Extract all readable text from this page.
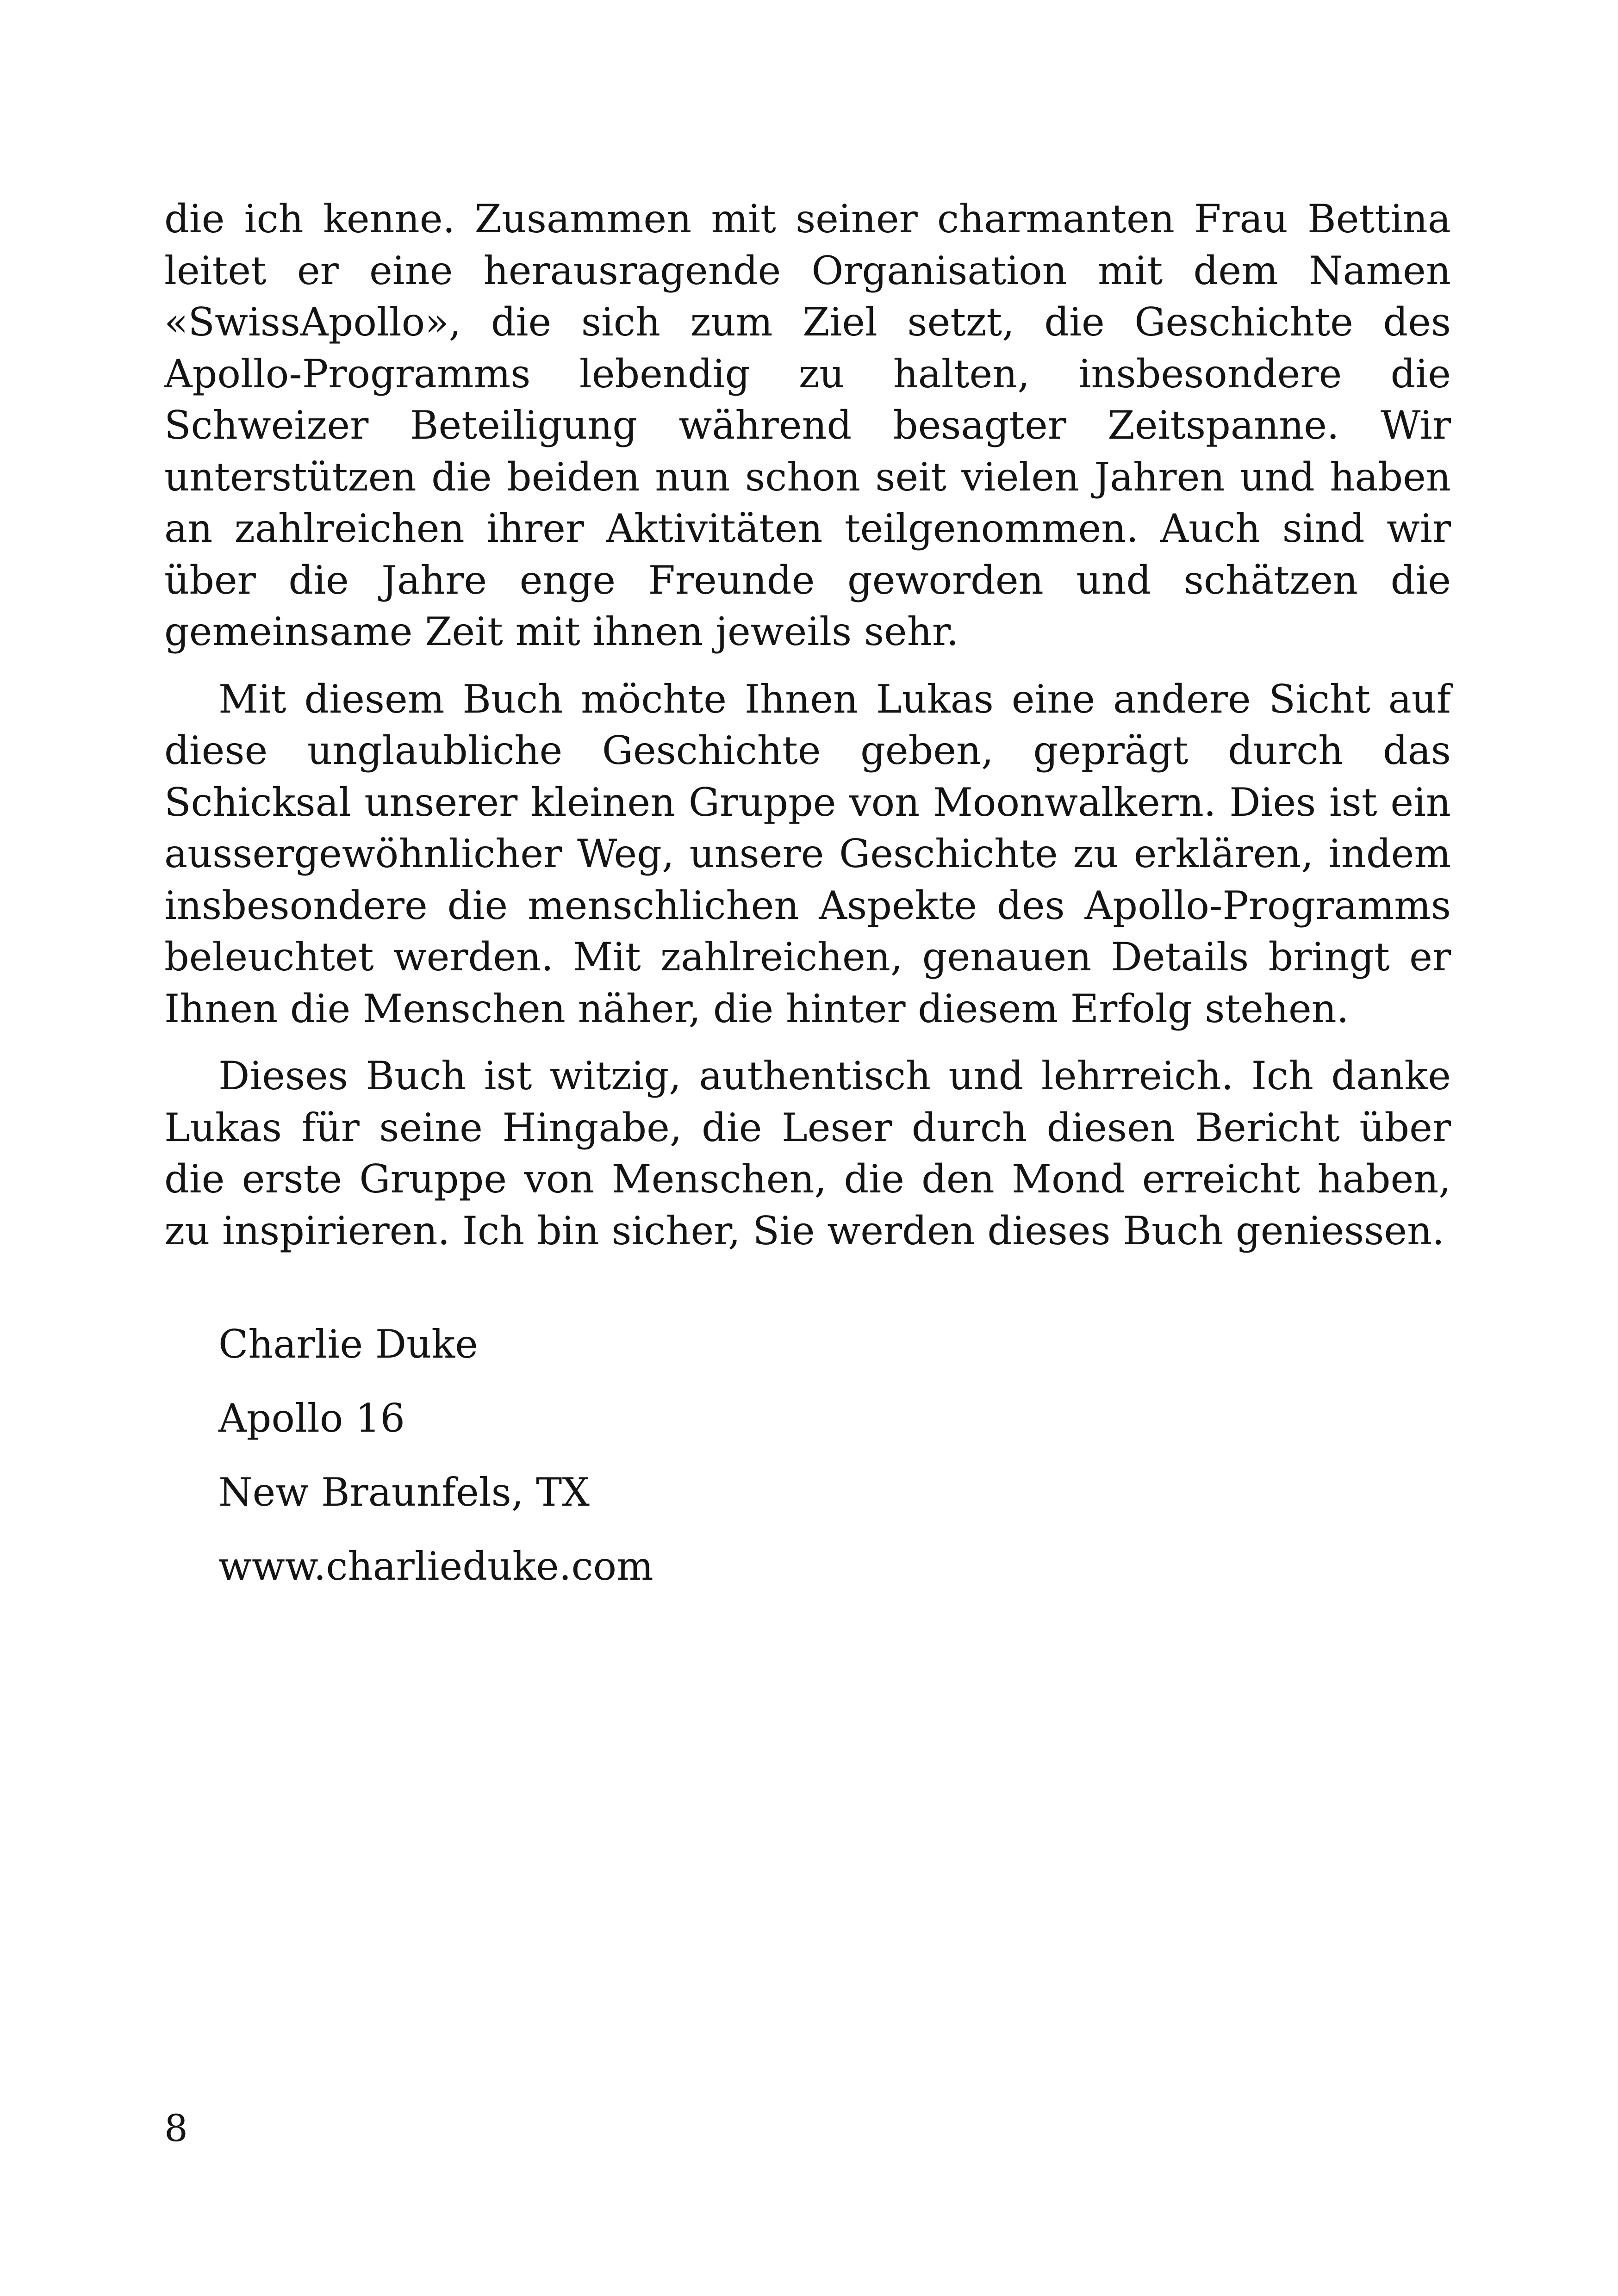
die ich kenne. Zusammen mit seiner charmanten Frau Bettina leitet er eine herausragende Organisation mit dem Namen «SwissApollo», die sich zum Ziel setzt, die Geschichte des Apollo-Programms lebendig zu halten, insbesondere die Schweizer Beteiligung während besagter Zeitspanne. Wir unterstützen die beiden nun schon seit vielen Jahren und haben an zahlreichen ihrer Aktivitäten teilgenommen. Auch sind wir über die Jahre enge Freunde geworden und schätzen die gemeinsame Zeit mit ihnen jeweils sehr.

Mit diesem Buch möchte Ihnen Lukas eine andere Sicht auf diese unglaubliche Geschichte geben, geprägt durch das Schicksal unserer kleinen Gruppe von Moonwalkern. Dies ist ein aussergewöhnlicher Weg, unsere Geschichte zu erklären, indem insbesondere die menschlichen Aspekte des Apollo-Programms beleuchtet werden. Mit zahlreichen, genauen Details bringt er Ihnen die Menschen näher, die hinter diesem Erfolg stehen.

Dieses Buch ist witzig, authentisch und lehrreich. Ich danke Lukas für seine Hingabe, die Leser durch diesen Bericht über die erste Gruppe von Menschen, die den Mond erreicht haben, zu inspirieren. Ich bin sicher, Sie werden dieses Buch geniessen.

Charlie Duke
Apollo 16
New Braunfels, TX
www.charlieduke.com
8
